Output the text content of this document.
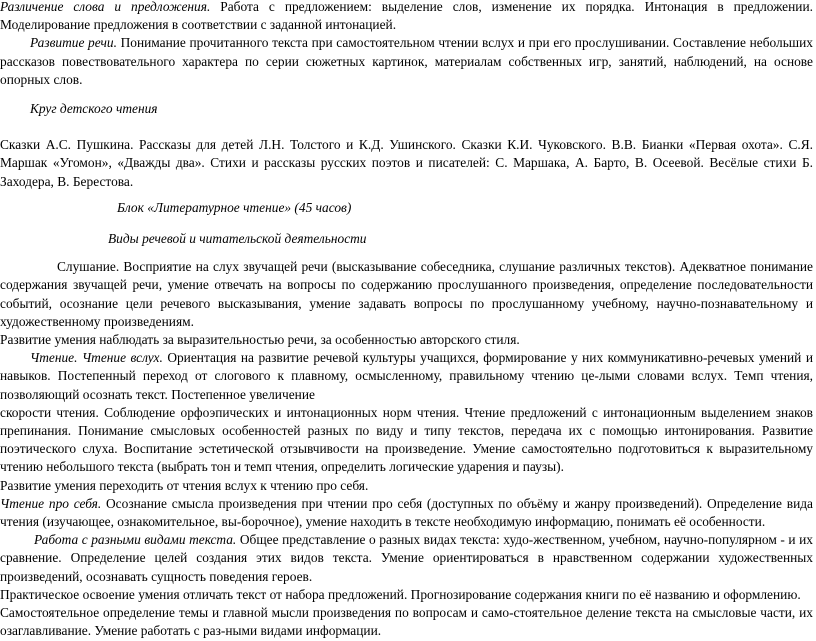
Различение слова и предложения. Работа с предложением: выделение слов, изменение их порядка. Интонация в предложении. Моделирование предложения в соответствии с заданной интонацией.

Развитие речи. Понимание прочитанного текста при самостоятельном чтении вслух и при его прослушивании. Составление небольших рассказов повествовательного характера по серии сюжетных картинок, материалам собственных игр, занятий, наблюдений, на основе опорных слов.

Круг детского чтения

Сказки А.С. Пушкина. Рассказы для детей Л.Н. Толстого и К.Д. Ушинского. Сказки К.И. Чуковского. В.В. Бианки «Первая охота». С.Я. Маршак «Угомон», «Дважды два». Стихи и рассказы русских поэтов и писателей: С. Маршака, А. Барто, В. Осеевой. Весёлые стихи Б. Заходера, В. Берестова.

Блок «Литературное чтение» (45 часов)

Виды речевой и читательской деятельности

Слушание. Восприятие на слух звучащей речи (высказывание собеседника, слушание различных текстов). Адекватное понимание содержания звучащей речи, умение отвечать на вопросы по содержанию прослушанного произведения, определение последовательности событий, осознание цели речевого высказывания, умение задавать вопросы по прослушанному учебному, научно-познавательному и художественному произведениям.

Развитие умения наблюдать за выразительностью речи, за особенностью авторского стиля.

Чтение. Чтение вслух. Ориентация на развитие речевой культуры учащихся, формирование у них коммуникативно-речевых умений и навыков. Постепенный переход от слогового к плавному, осмысленному, правильному чтению це-лыми словами вслух. Темп чтения, позволяющий осознать текст. Постепенное увеличение

скорости чтения. Соблюдение орфоэпических и интонационных норм чтения. Чтение предложений с интонационным выделением знаков препинания. Понимание смысловых особенностей разных по виду и типу текстов, передача их с помощью интонирования. Развитие поэтического слуха. Воспитание эстетической отзывчивости на произведение. Умение самостоятельно подготовиться к выразительному чтению небольшого текста (выбрать тон и темп чтения, определить логические ударения и паузы).

Развитие умения переходить от чтения вслух к чтению про себя.

Чтение про себя. Осознание смысла произведения при чтении про себя (доступных по объёму и жанру произведений). Определение вида чтения (изучающее, ознакомительное, вы-борочное), умение находить в тексте необходимую информацию, понимать её особенности.

Работа с разными видами текста. Общее представление о разных видах текста: худо-жественном, учебном, научно-популярном - и их сравнение. Определение целей создания этих видов текста. Умение ориентироваться в нравственном содержании художественных произведений, осознавать сущность поведения героев.

Практическое освоение умения отличать текст от набора предложений. Прогнозирование содержания книги по её названию и оформлению.

Самостоятельное определение темы и главной мысли произведения по вопросам и само-стоятельное деление текста на смысловые части, их озаглавливание. Умение работать с раз-ными видами информации.
